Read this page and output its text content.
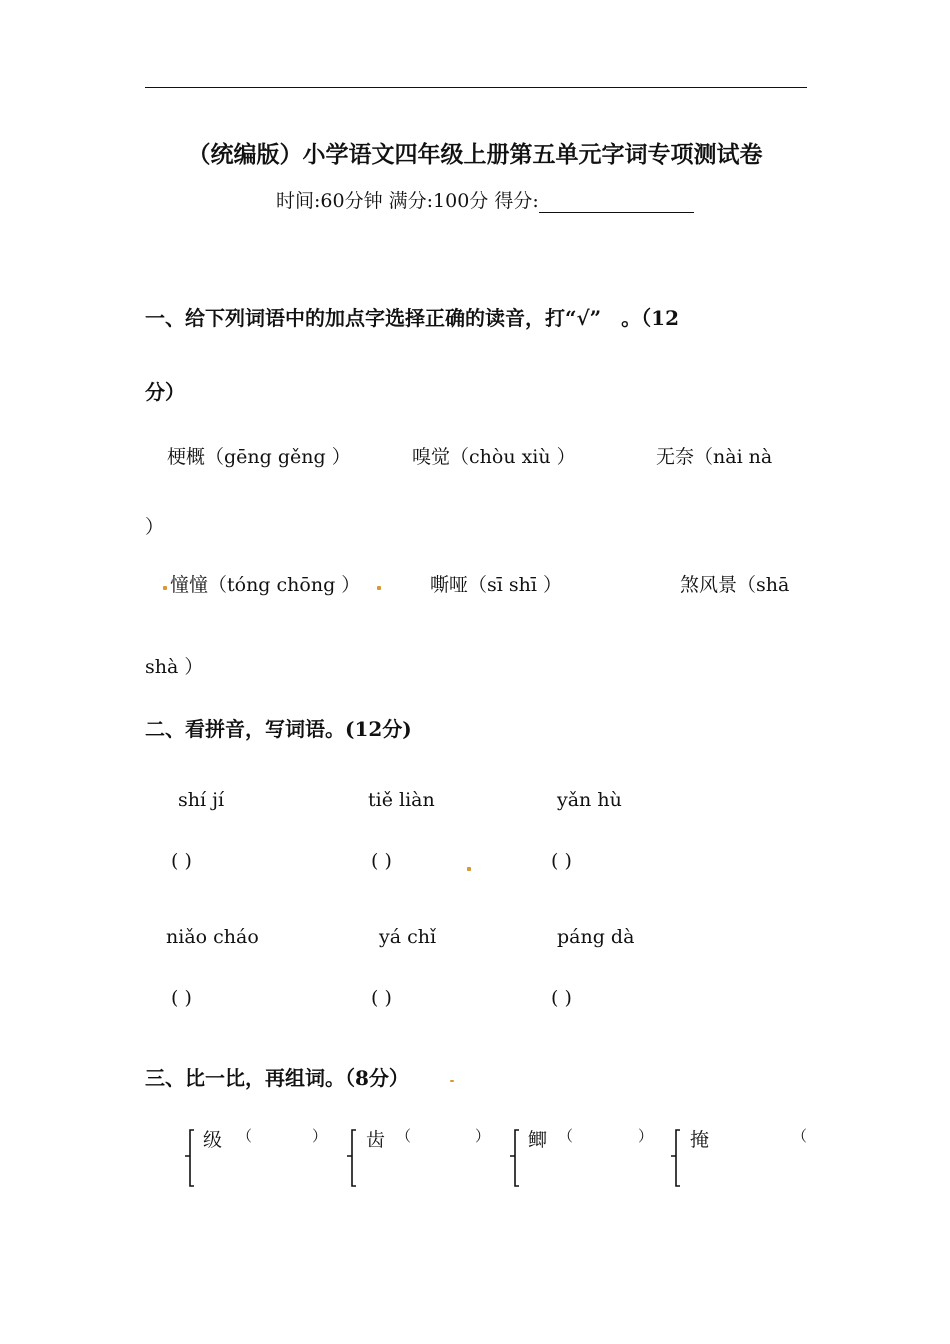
（统编版）小学语文四年级上册第五单元字词专项测试卷
时间:60分钟 满分:100分 得分:
一、给下列词语中的加点字选择正确的读音，打“√”　。（12
分）
梗概（gēng gěng ）	嗅觉（chòu xiù ）	无奈（nài nà
）
憧憧（tóng chōng ）	嘶哑（sī shī ）	煞风景（shā
shà ）
二、看拼音，写词语。(12分)
shí jí	tiě liàn	yǎn hù
( )	( )	( )
niǎo cháo	yá chǐ	páng dà
( )	( )	( )
三、比一比，再组词。（8分）
级 （	） 齿 （	） 鲫 （	） 掩	（
